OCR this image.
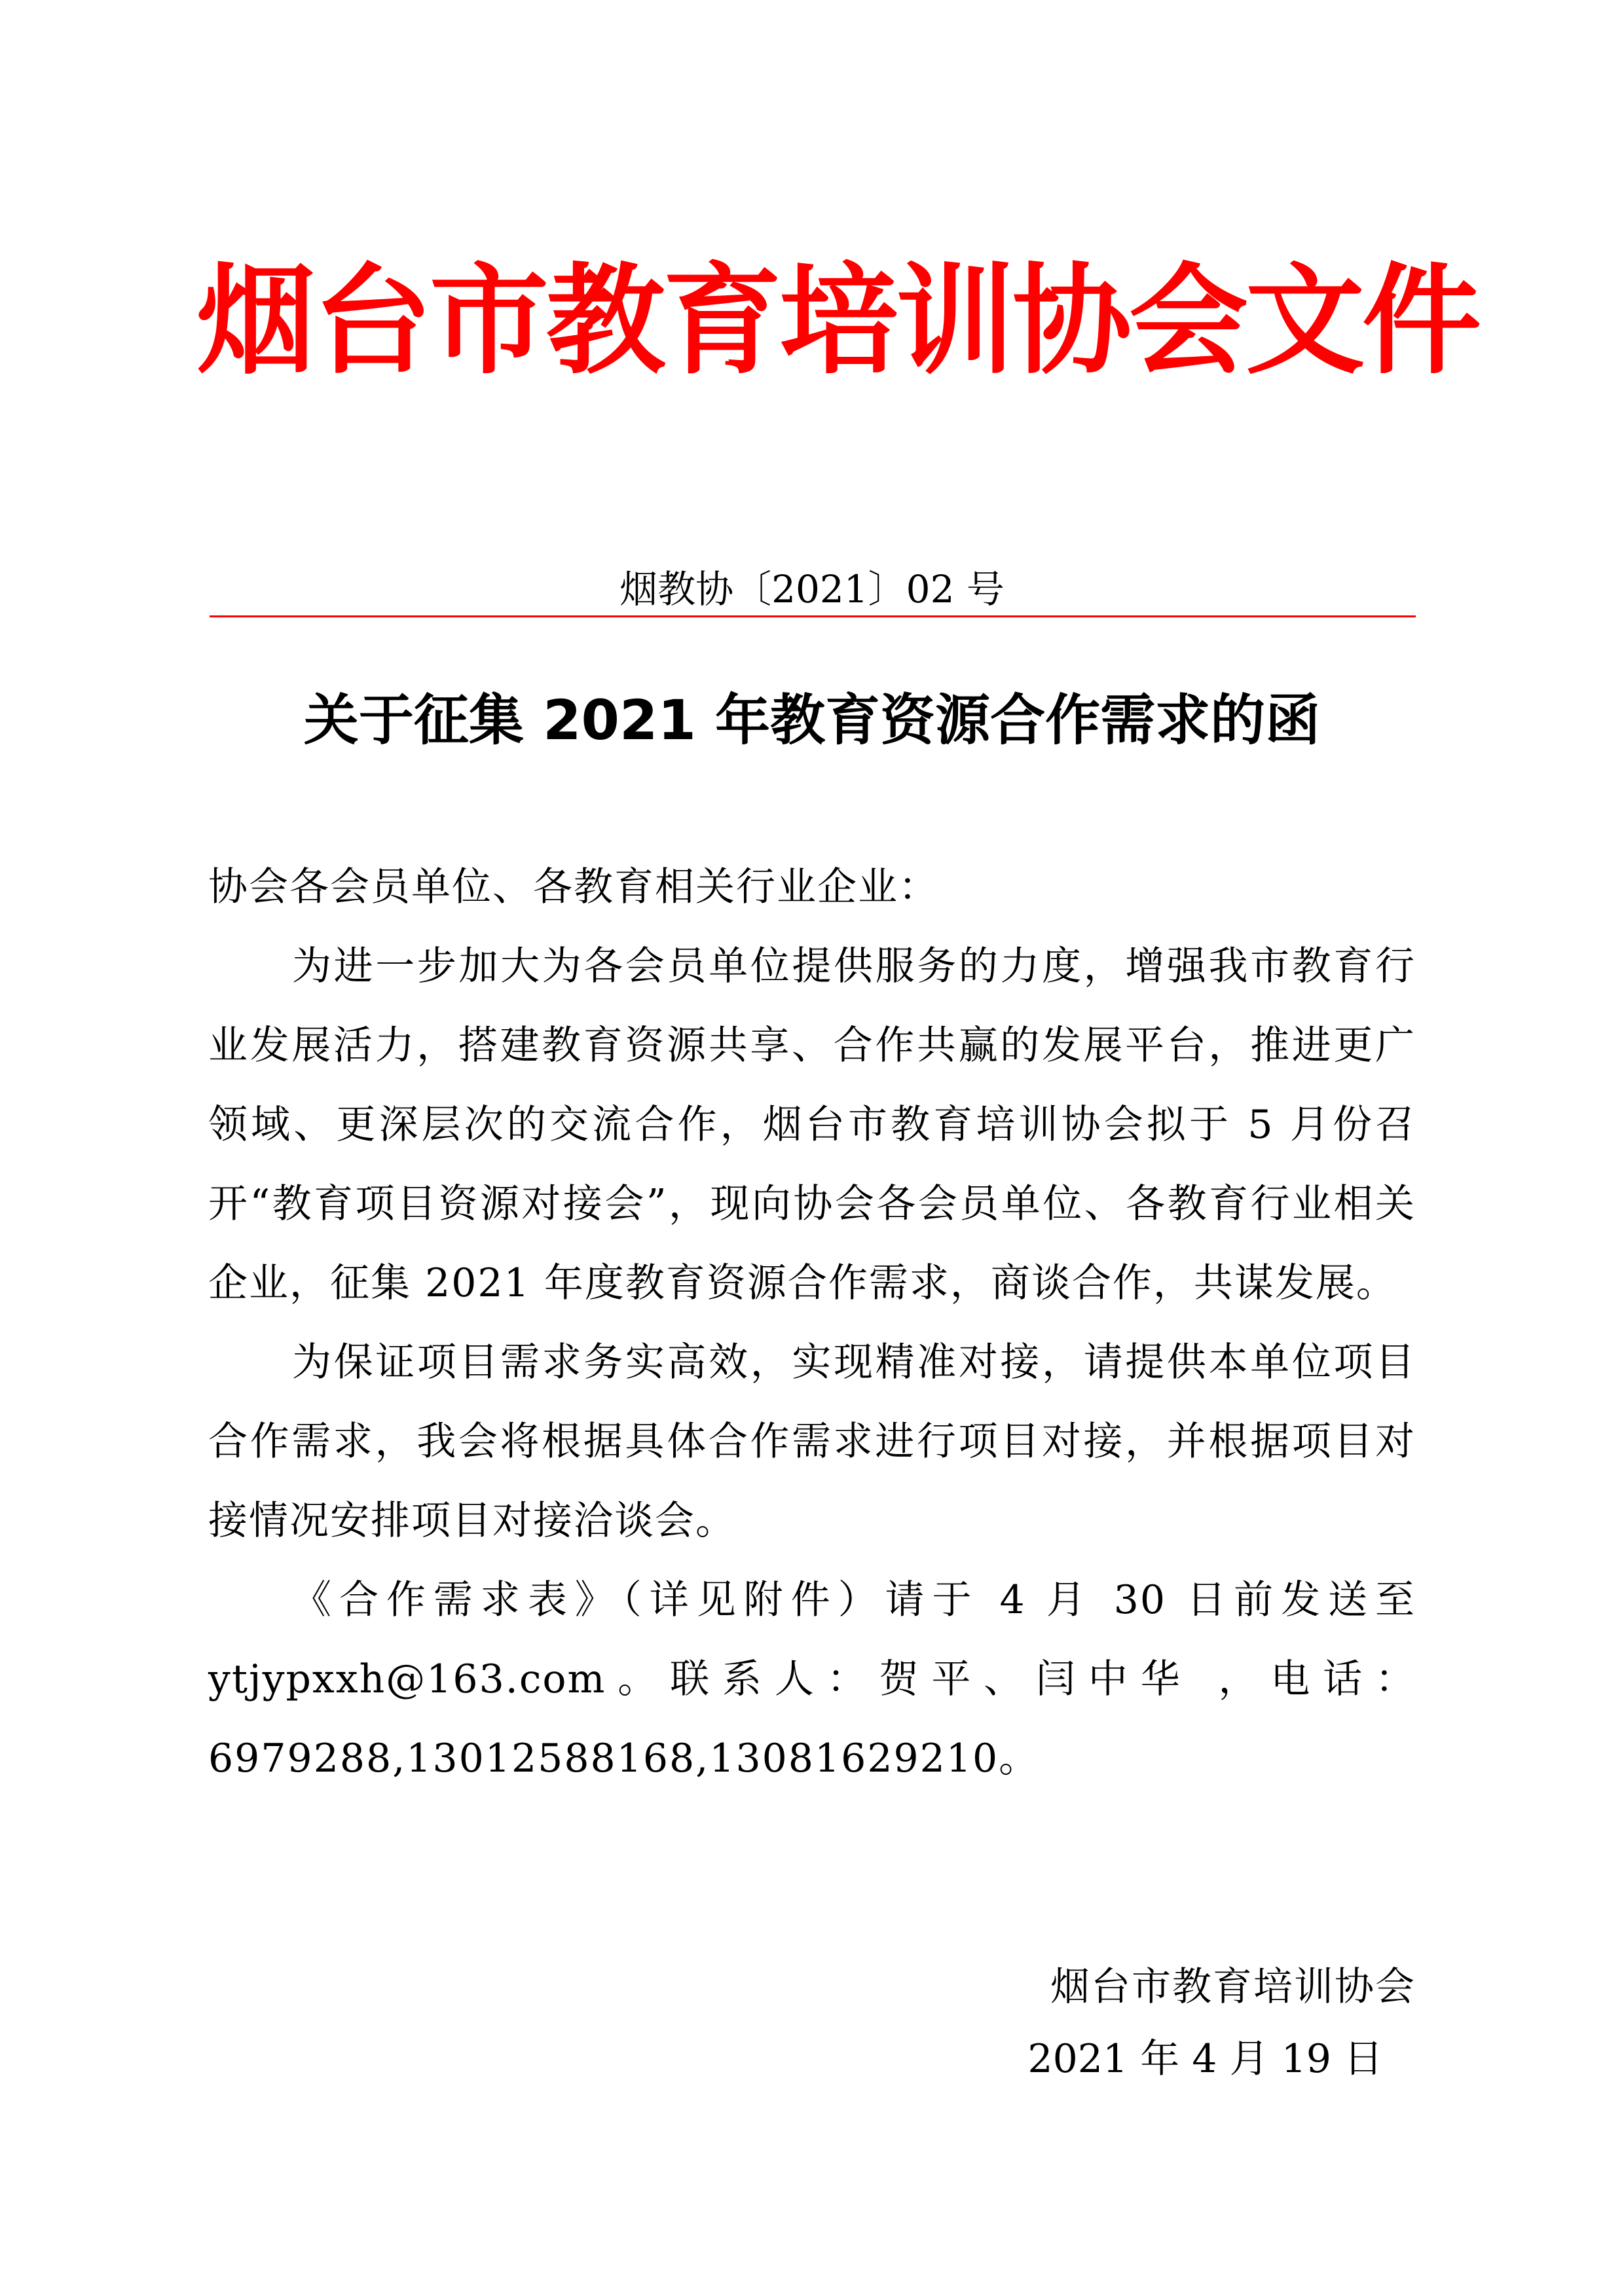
烟台市教育培训协会文件
烟教协〔2021〕02 号
关于征集 2021 年教育资源合作需求的函

协会各会员单位、各教育相关行业企业：

为进一步加大为各会员单位提供服务的力度，增强我市教育行业发展活力，搭建教育资源共享、合作共赢的发展平台，推进更广领域、更深层次的交流合作，烟台市教育培训协会拟于 5 月份召开“教育项目资源对接会”，现向协会各会员单位、各教育行业相关企业，征集 2021 年度教育资源合作需求，商谈合作，共谋发展。

为保证项目需求务实高效，实现精准对接，请提供本单位项目合作需求，我会将根据具体合作需求进行项目对接，并根据项目对接情况安排项目对接洽谈会。

《合作需求表》（详见附件）请于 4 月 30 日前发送至 ytjypxxh@163.com。联系人：贺平、闫中华 ，电话：6979288,13012588168,13081629210。

烟台市教育培训协会
2021 年 4 月 19 日
